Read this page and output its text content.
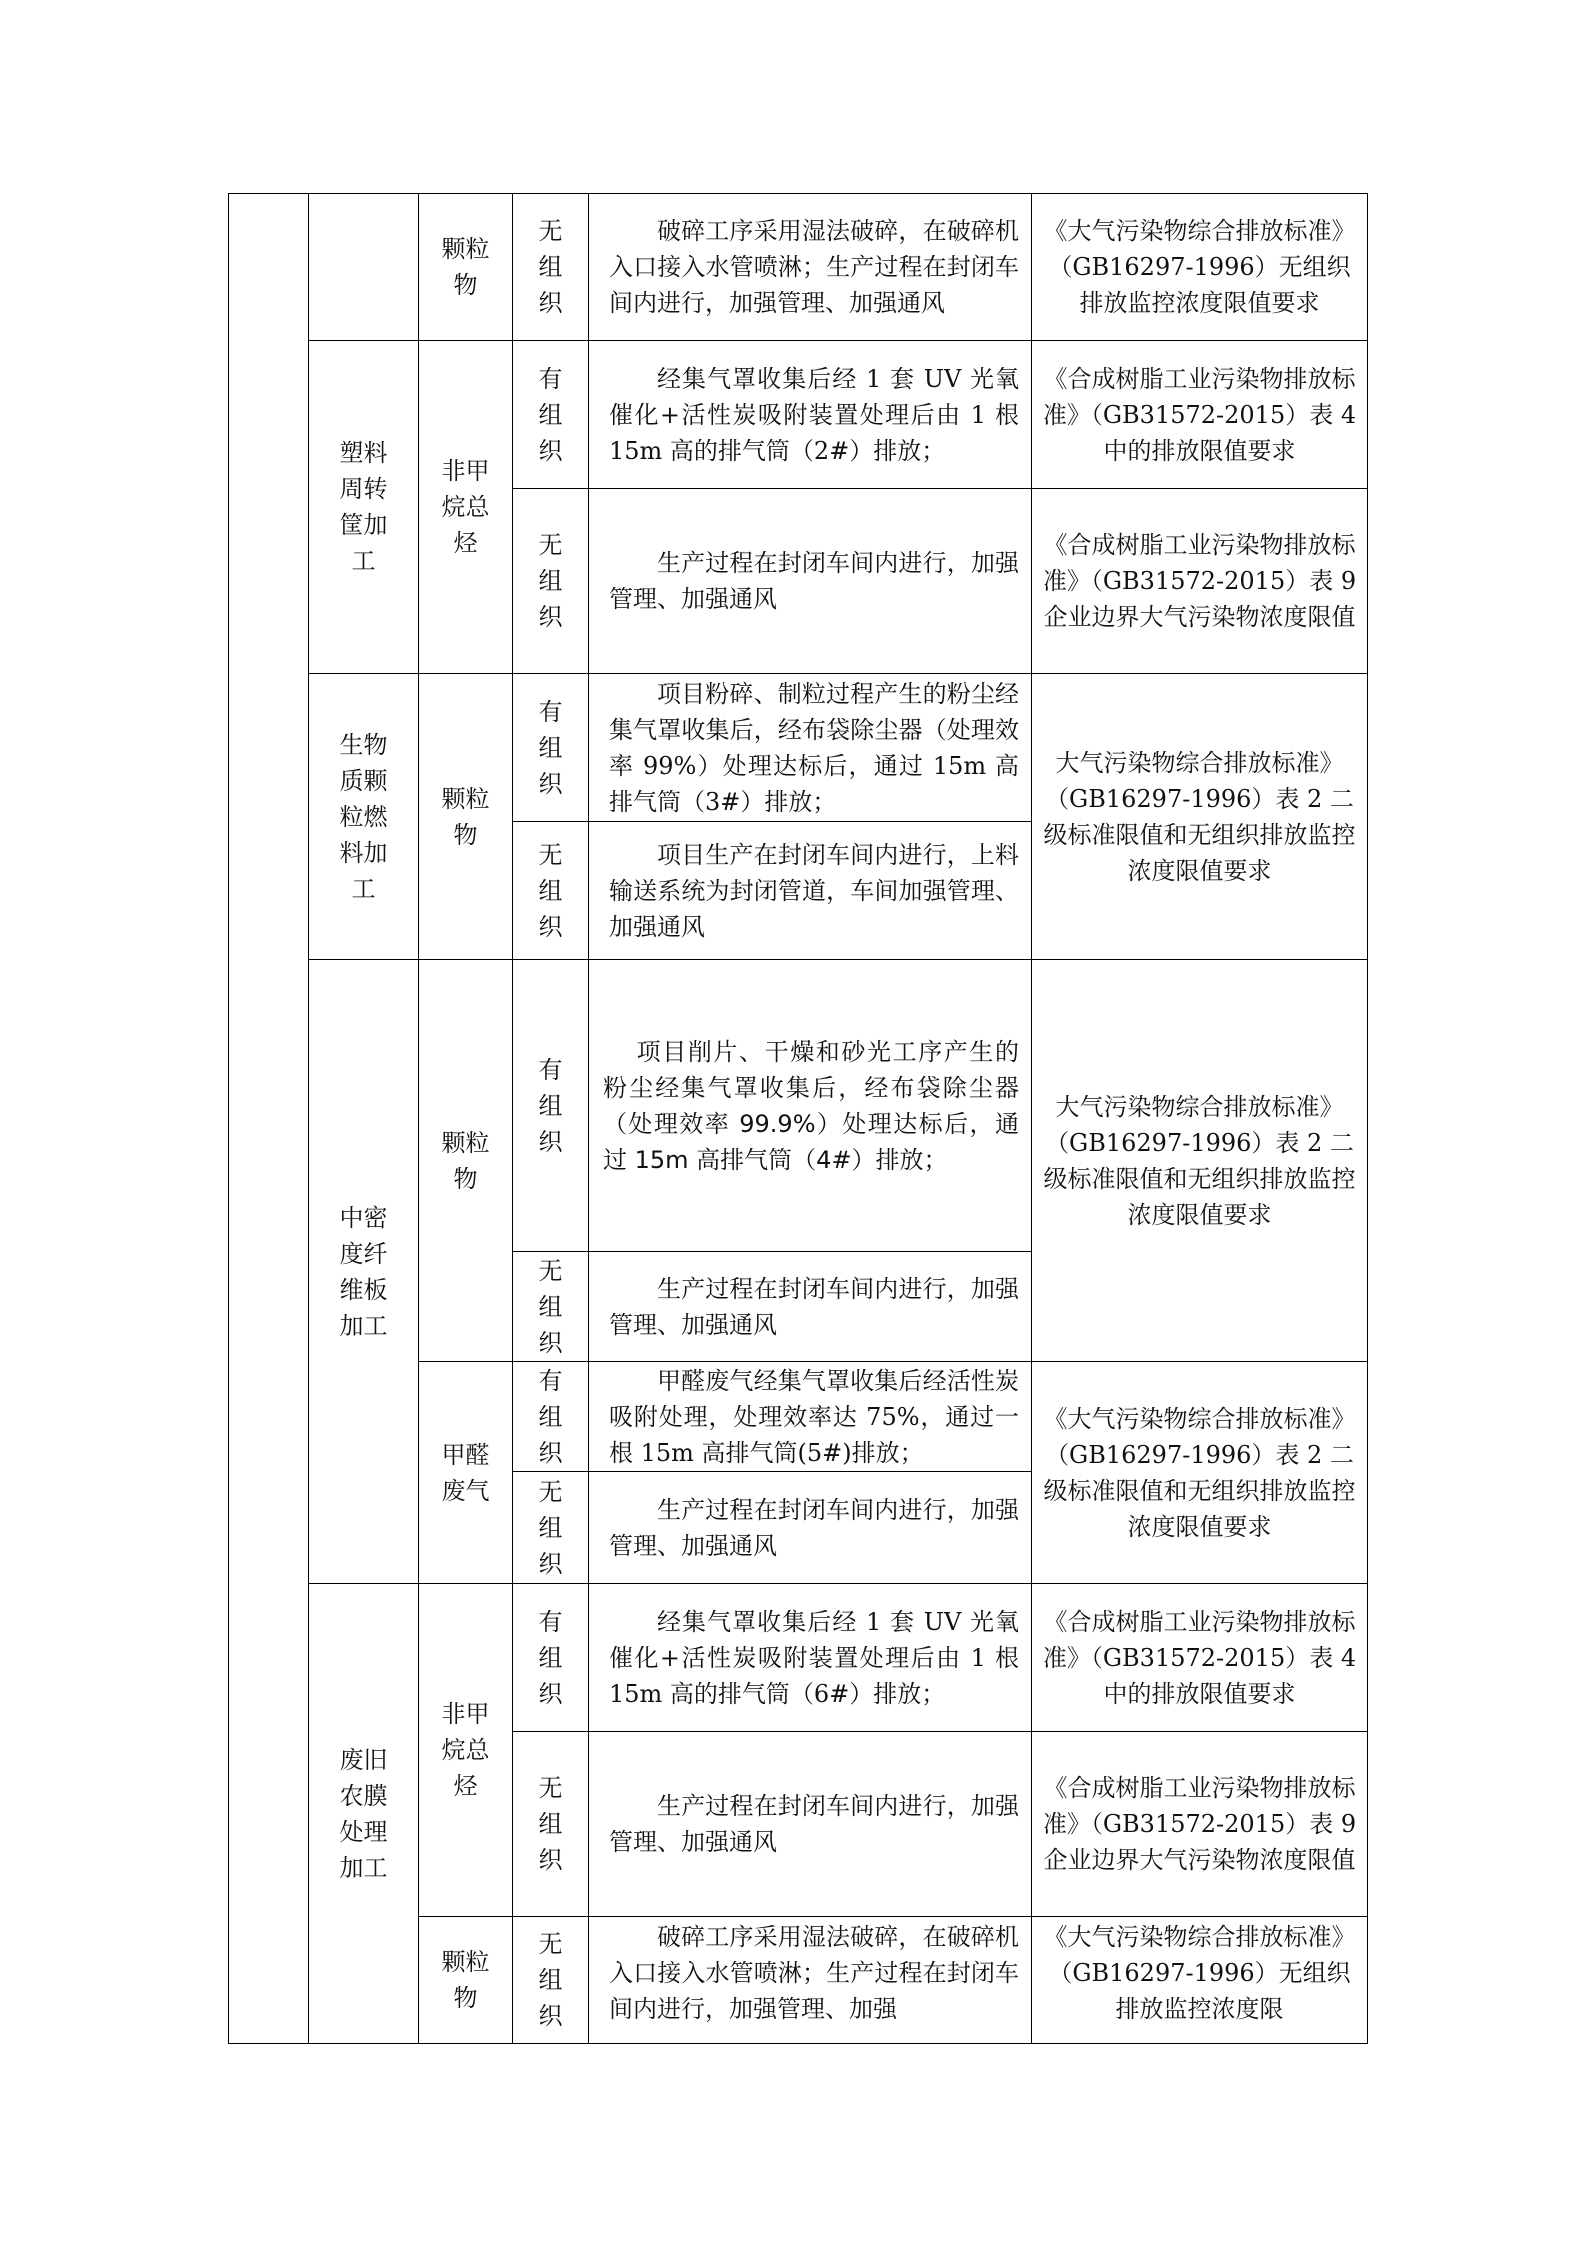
		颗粒物	无组织	破碎工序采用湿法破碎，在破碎机入口接入水管喷淋；生产过程在封闭车间内进行，加强管理、加强通风	《大气污染物综合排放标准》（GB16297-1996）无组织排放监控浓度限值要求
	塑料周转筐加工	非甲烷总烃	有组织	经集气罩收集后经 1 套 UV 光氧催化+活性炭吸附装置处理后由 1 根 15m 高的排气筒（2#）排放；	《合成树脂工业污染物排放标准》（GB31572-2015）表 4 中的排放限值要求
			无组织	生产过程在封闭车间内进行，加强管理、加强通风	《合成树脂工业污染物排放标准》（GB31572-2015）表 9 企业边界大气污染物浓度限值
	生物质颗粒燃料加工	颗粒物	有组织	项目粉碎、制粒过程产生的粉尘经集气罩收集后，经布袋除尘器（处理效率 99%）处理达标后，通过 15m 高排气筒（3#）排放；	大气污染物综合排放标准》（GB16297-1996）表 2 二级标准限值和无组织排放监控浓度限值要求
			无组织	项目生产在封闭车间内进行，上料输送系统为封闭管道，车间加强管理、加强通风	
	中密度纤维板加工	颗粒物	有组织	项目削片、干燥和砂光工序产生的粉尘经集气罩收集后，经布袋除尘器（处理效率 99.9%）处理达标后，通过 15m 高排气筒（4#）排放；	大气污染物综合排放标准》（GB16297-1996）表 2 二级标准限值和无组织排放监控浓度限值要求
			无组织	生产过程在封闭车间内进行，加强管理、加强通风	
		甲醛废气	有组织	甲醛废气经集气罩收集后经活性炭吸附处理，处理效率达 75%，通过一根 15m 高排气筒(5#)排放；	《大气污染物综合排放标准》（GB16297-1996）表 2 二级标准限值和无组织排放监控浓度限值要求
			无组织	生产过程在封闭车间内进行，加强管理、加强通风	
	废旧农膜处理加工	非甲烷总烃	有组织	经集气罩收集后经 1 套 UV 光氧催化+活性炭吸附装置处理后由 1 根 15m 高的排气筒（6#）排放；	《合成树脂工业污染物排放标准》（GB31572-2015）表 4 中的排放限值要求
			无组织	生产过程在封闭车间内进行，加强管理、加强通风	《合成树脂工业污染物排放标准》（GB31572-2015）表 9 企业边界大气污染物浓度限值
		颗粒物	无组织	破碎工序采用湿法破碎，在破碎机入口接入水管喷淋；生产过程在封闭车间内进行，加强管理、加强	《大气污染物综合排放标准》（GB16297-1996）无组织排放监控浓度限
